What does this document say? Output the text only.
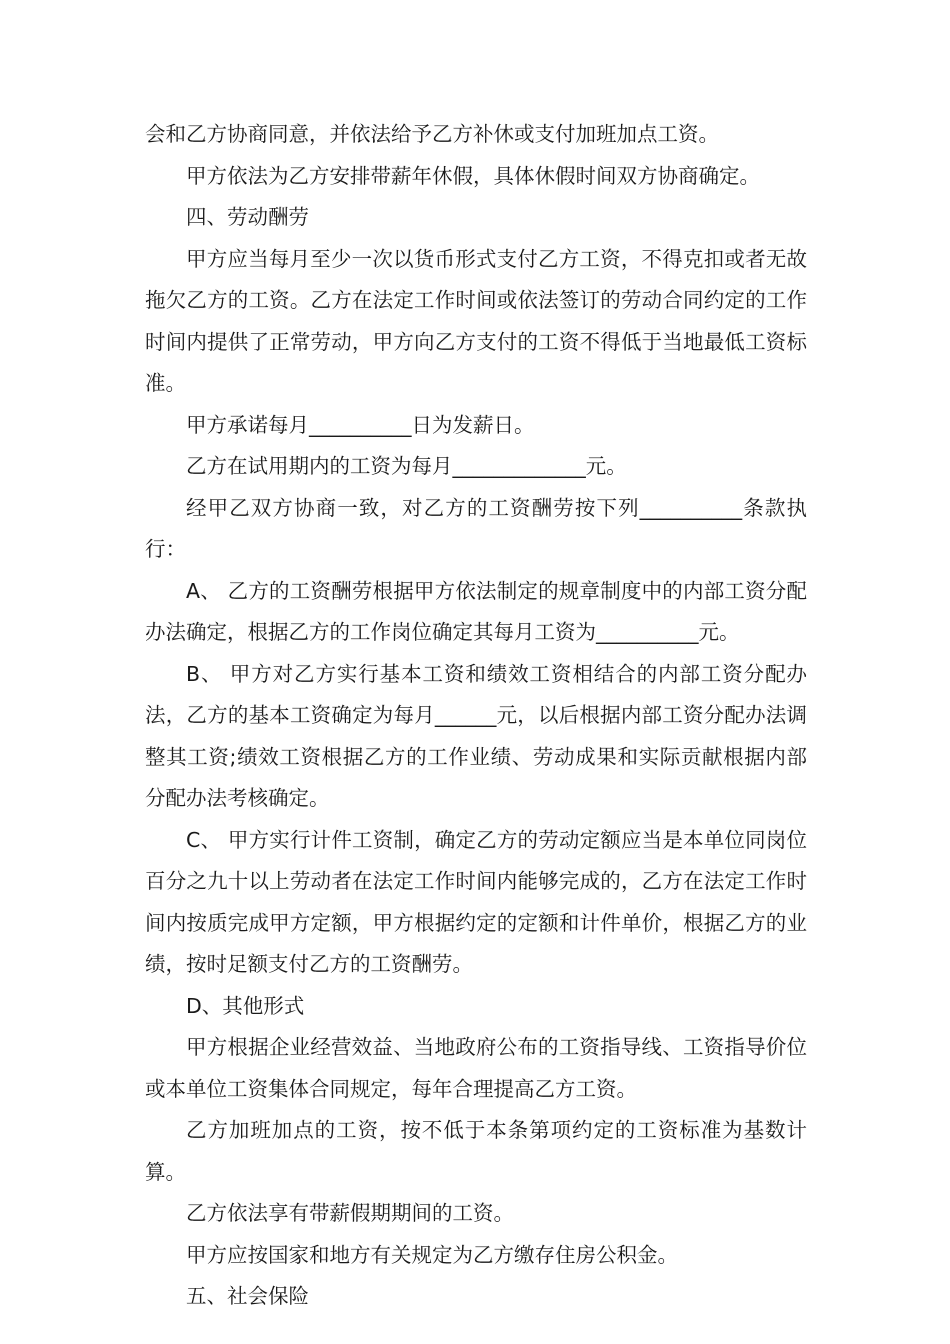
会和乙方协商同意，并依法给予乙方补休或支付加班加点工资。

甲方依法为乙方安排带薪年休假，具体休假时间双方协商确定。

四、劳动酬劳

甲方应当每月至少一次以货币形式支付乙方工资，不得克扣或者无故拖欠乙方的工资。乙方在法定工作时间或依法签订的劳动合同约定的工作时间内提供了正常劳动，甲方向乙方支付的工资不得低于当地最低工资标准。

甲方承诺每月__________日为发薪日。

乙方在试用期内的工资为每月_____________元。

经甲乙双方协商一致，对乙方的工资酬劳按下列__________条款执行：

A、 乙方的工资酬劳根据甲方依法制定的规章制度中的内部工资分配办法确定，根据乙方的工作岗位确定其每月工资为__________元。

B、 甲方对乙方实行基本工资和绩效工资相结合的内部工资分配办法，乙方的基本工资确定为每月______元，以后根据内部工资分配办法调整其工资;绩效工资根据乙方的工作业绩、劳动成果和实际贡献根据内部分配办法考核确定。

C、 甲方实行计件工资制，确定乙方的劳动定额应当是本单位同岗位百分之九十以上劳动者在法定工作时间内能够完成的，乙方在法定工作时间内按质完成甲方定额，甲方根据约定的定额和计件单价，根据乙方的业绩，按时足额支付乙方的工资酬劳。

D、其他形式

甲方根据企业经营效益、当地政府公布的工资指导线、工资指导价位或本单位工资集体合同规定，每年合理提高乙方工资。

乙方加班加点的工资，按不低于本条第项约定的工资标准为基数计算。

乙方依法享有带薪假期期间的工资。

甲方应按国家和地方有关规定为乙方缴存住房公积金。

五、社会保险
